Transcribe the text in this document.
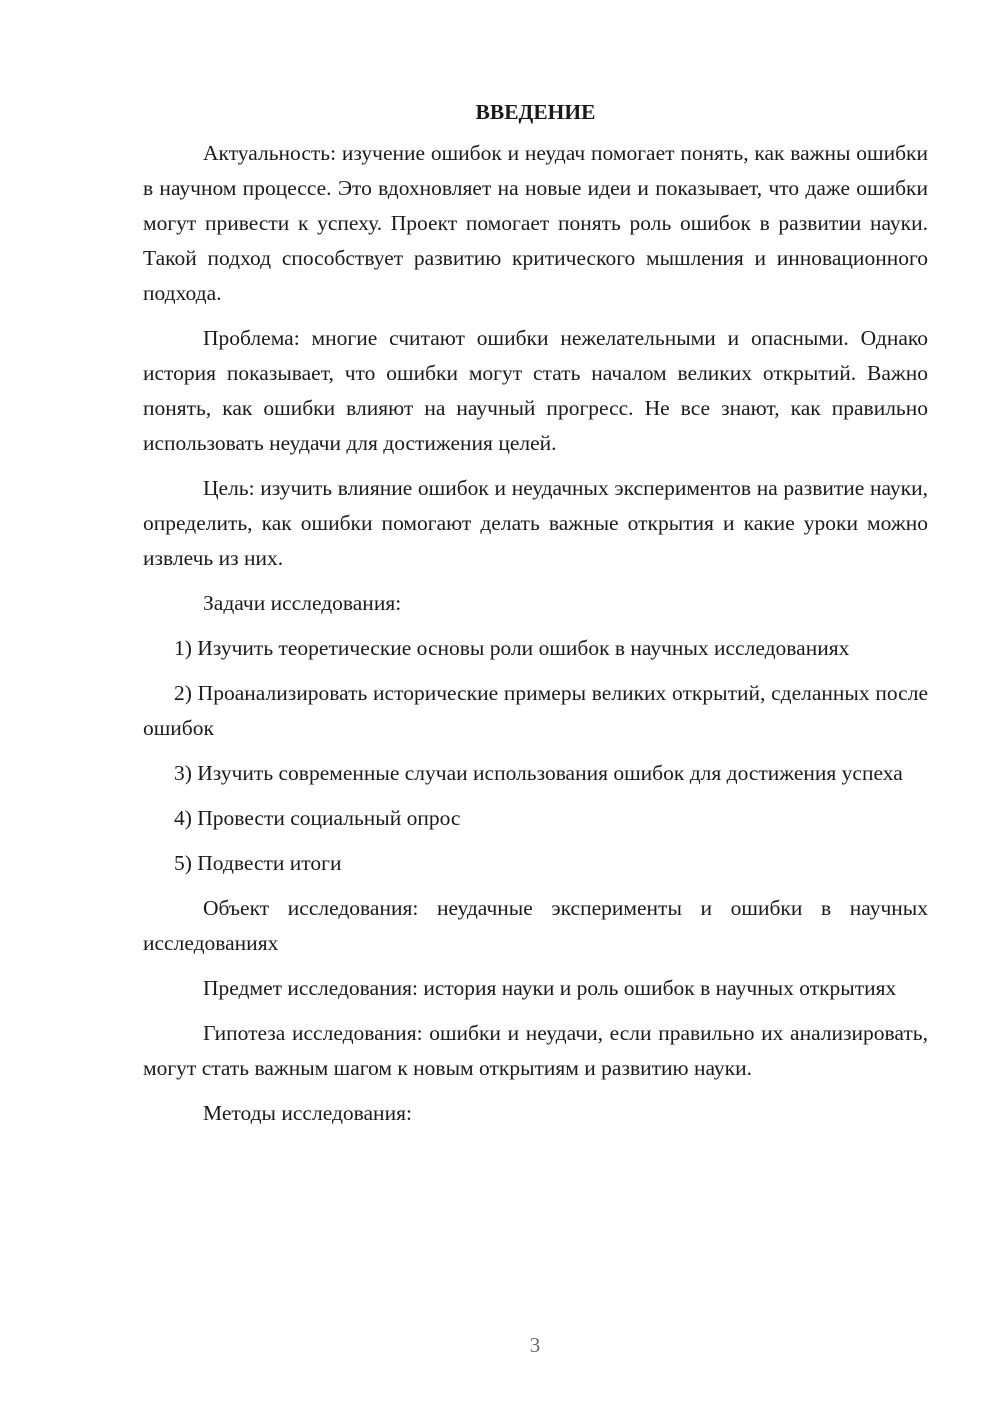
ВВЕДЕНИЕ

Актуальность: изучение ошибок и неудач помогает понять, как важны ошибки в научном процессе. Это вдохновляет на новые идеи и показывает, что даже ошибки могут привести к успеху. Проект помогает понять роль ошибок в развитии науки. Такой подход способствует развитию критического мышления и инновационного подхода.

Проблема: многие считают ошибки нежелательными и опасными. Однако история показывает, что ошибки могут стать началом великих открытий. Важно понять, как ошибки влияют на научный прогресс. Не все знают, как правильно использовать неудачи для достижения целей.

Цель: изучить влияние ошибок и неудачных экспериментов на развитие науки, определить, как ошибки помогают делать важные открытия и какие уроки можно извлечь из них.

Задачи исследования:

1) Изучить теоретические основы роли ошибок в научных исследованиях

2) Проанализировать исторические примеры великих открытий, сделанных после ошибок

3) Изучить современные случаи использования ошибок для достижения успеха

4) Провести социальный опрос

5) Подвести итоги

Объект исследования: неудачные эксперименты и ошибки в научных исследованиях

Предмет исследования: история науки и роль ошибок в научных открытиях

Гипотеза исследования: ошибки и неудачи, если правильно их анализировать, могут стать важным шагом к новым открытиям и развитию науки.

Методы исследования:

3
